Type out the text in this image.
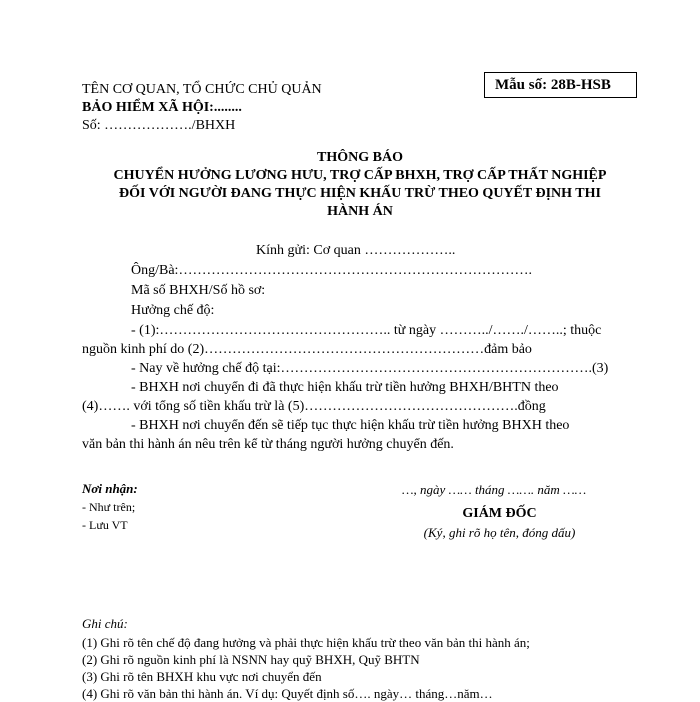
TÊN CƠ QUAN, TỔ CHỨC CHỦ QUẢN
BẢO HIỂM XÃ HỘI:........
Số: ………………./BHXH
Mẫu số: 28B-HSB
THÔNG BÁO
CHUYỂN HƯỞNG LƯƠNG HƯU, TRỢ CẤP BHXH, TRỢ CẤP THẤT NGHIỆP
ĐỐI VỚI NGƯỜI ĐANG THỰC HIỆN KHẤU TRỪ THEO QUYẾT ĐỊNH THI
HÀNH ÁN
Kính gửi: Cơ quan ………………..
Ông/Bà:………………………………………………………………….
Mã số BHXH/Số hồ sơ:
Hưởng chế độ:
- (1):………………………………………….. từ ngày ………../……./……..; thuộc
nguồn kinh phí do (2)……………………………………………………đảm bảo
- Nay về hưởng chế độ tại:………………………………………………………….(3)
- BHXH nơi chuyển đi đã thực hiện khấu trừ tiền hưởng BHXH/BHTN theo
(4)……. với tổng số tiền khấu trừ là (5)……………………………………….đồng
- BHXH nơi chuyển đến sẽ tiếp tục thực hiện khấu trừ tiền hưởng BHXH theo
văn bản thi hành án nêu trên kể từ tháng người hưởng chuyển đến.
Nơi nhận:
- Như trên;
- Lưu VT
…, ngày …… tháng ……. năm ……
GIÁM ĐỐC
(Ký, ghi rõ họ tên, đóng dấu)
Ghi chú:
(1) Ghi rõ tên chế độ đang hưởng và phải thực hiện khấu trừ theo văn bản thi hành án;
(2) Ghi rõ nguồn kinh phí là NSNN hay quỹ BHXH, Quỹ BHTN
(3) Ghi rõ tên BHXH khu vực nơi chuyển đến
(4) Ghi rõ văn bản thi hành án. Ví dụ: Quyết định số…. ngày… tháng…năm…
